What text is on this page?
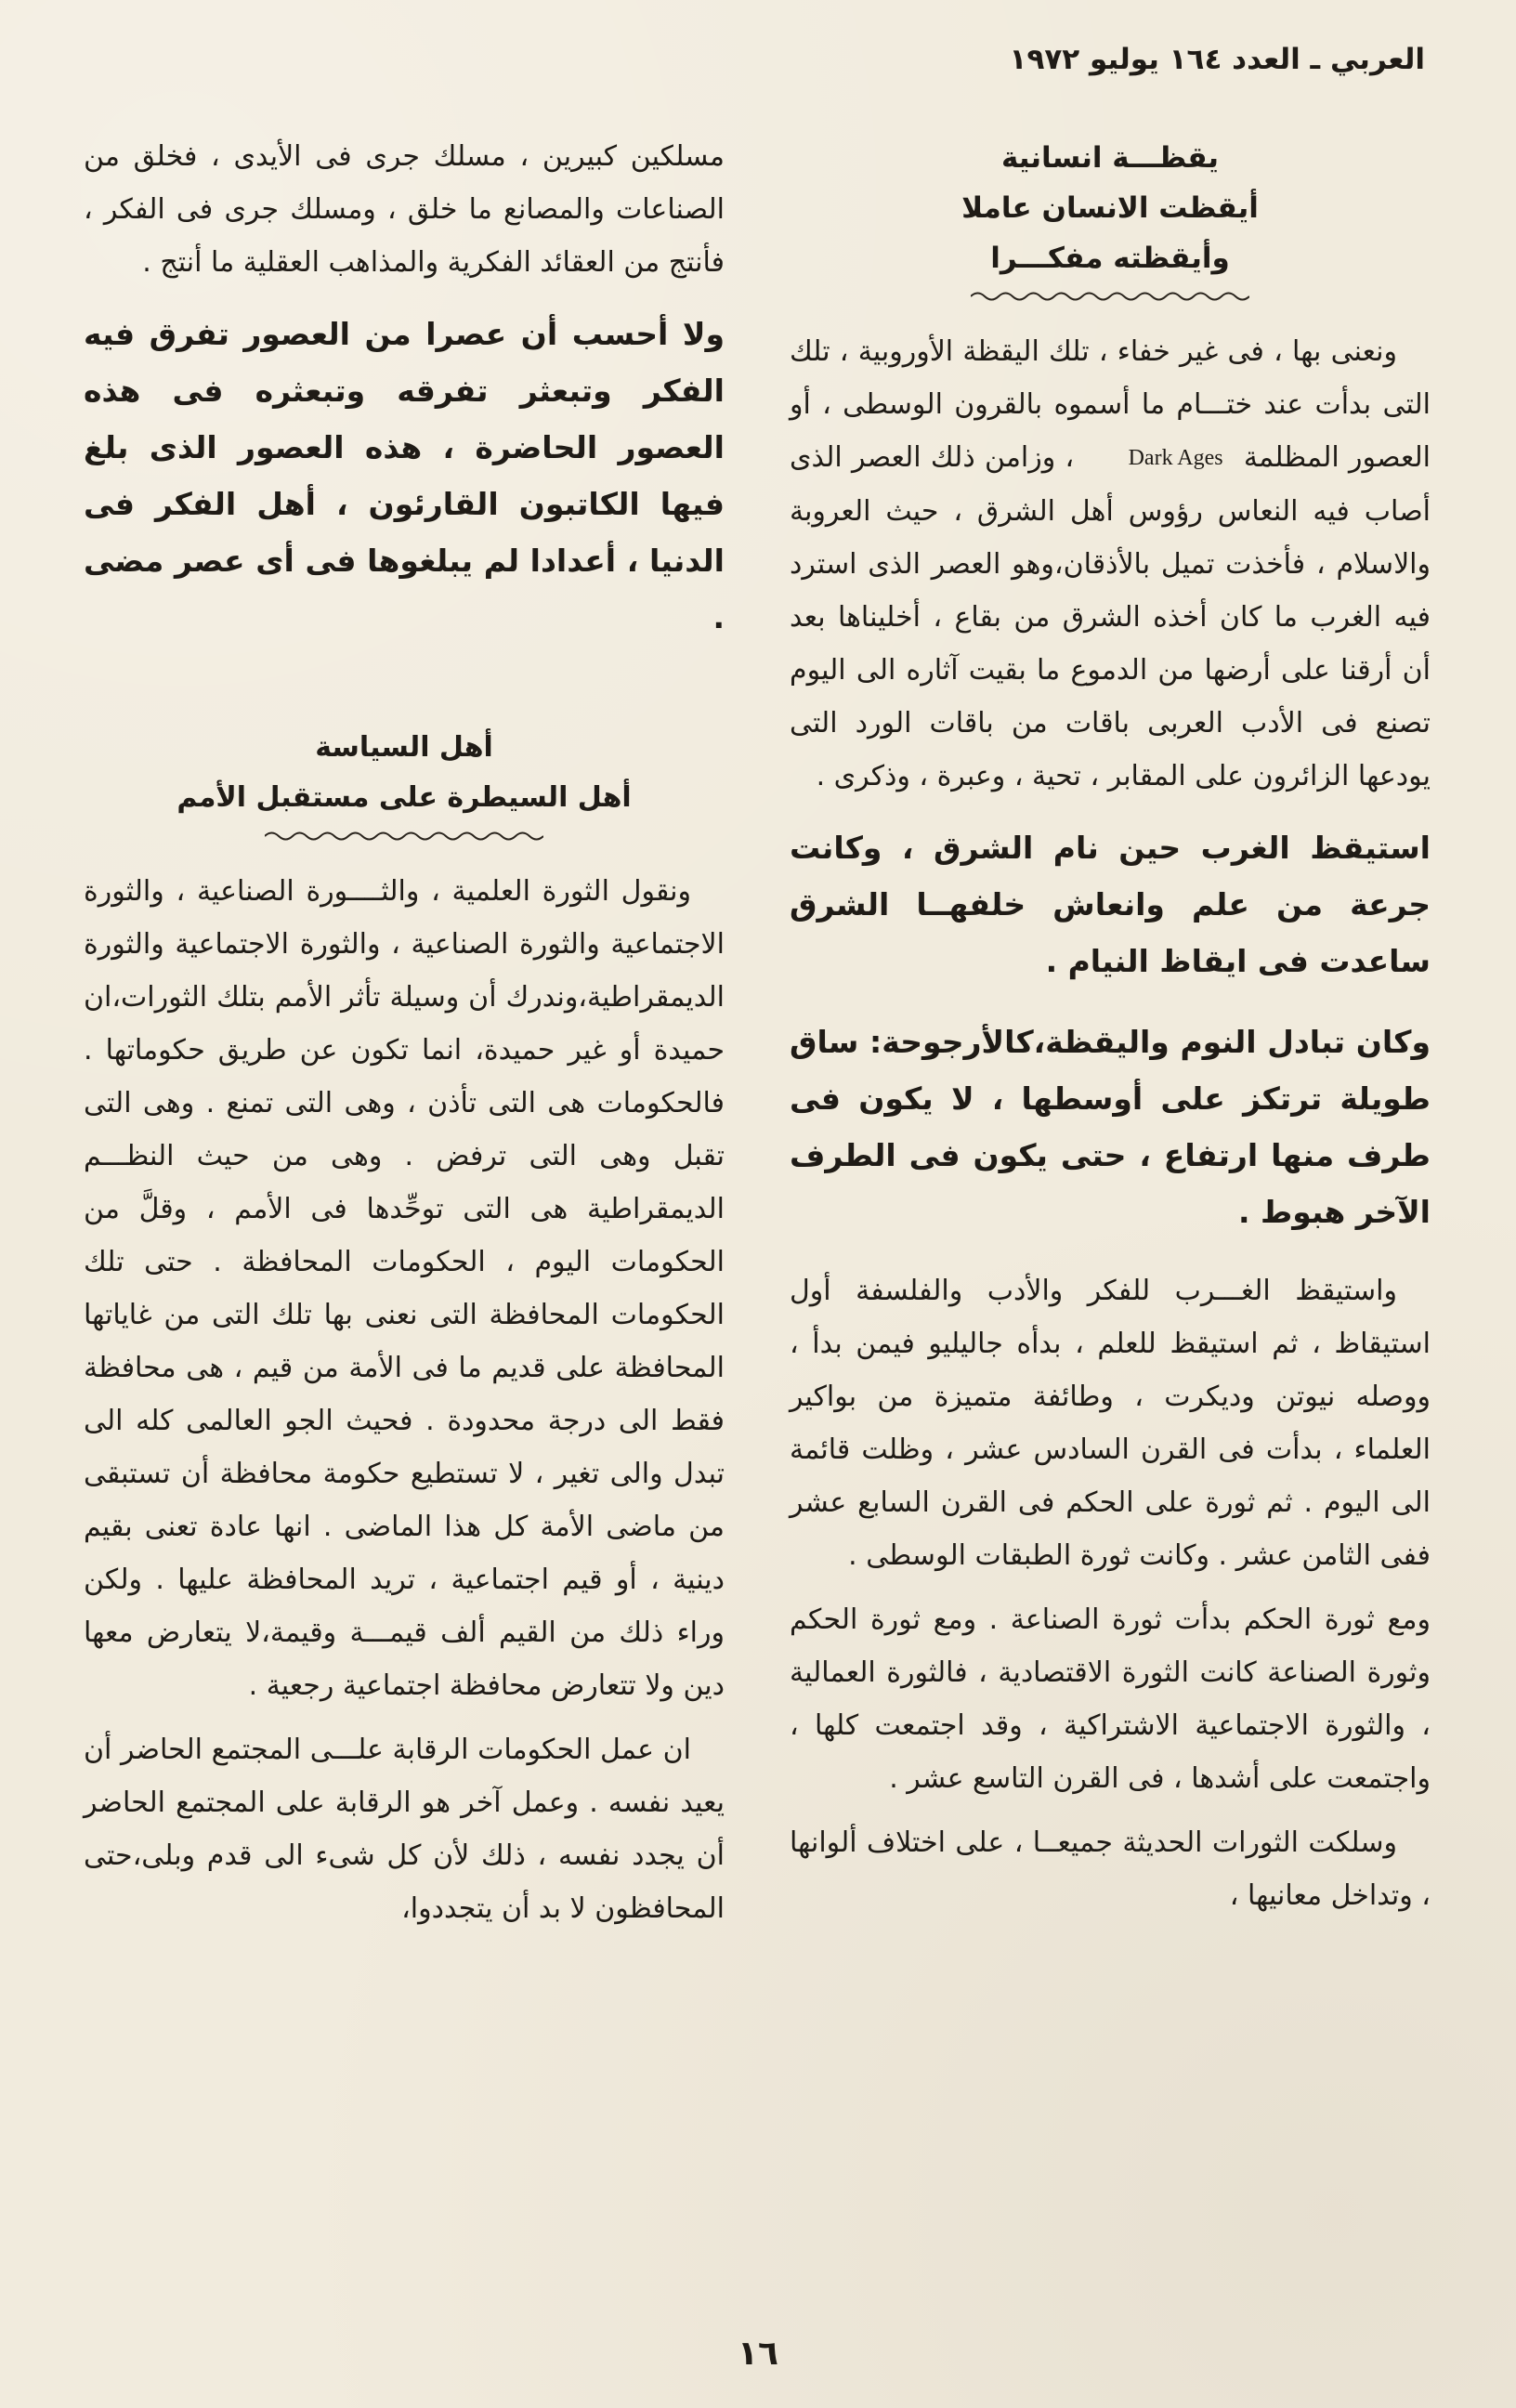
العربي ـ العدد ١٦٤ يوليو ١٩٧٢
يقظـــة انسانية
أيقظت الانسان عاملا
وأيقظته مفكـــرا

ونعنى بها ، فى غير خفاء ، تلك اليقظة الأوروبية ، تلك التى بدأت عند ختـــام ما أسموه بالقرون الوسطى ، أو العصور المظلمة Dark Ages ، وزامن ذلك العصر الذى أصاب فيه النعاس رؤوس أهل الشرق ، حيث العروبة والاسلام ، فأخذت تميل بالأذقان،وهو العصر الذى استرد فيه الغرب ما كان أخذه الشرق من بقاع ، أخليناها بعد أن أرقنا على أرضها من الدموع ما بقيت آثاره الى اليوم تصنع فى الأدب العربى باقات من باقات الورد التى يودعها الزائرون على المقابر ، تحية ، وعبرة ، وذكرى .

استيقظ الغرب حين نام الشرق ، وكانت جرعة من علم وانعاش خلفهــا الشرق ساعدت فى ايقاظ النيام .

وكان تبادل النوم واليقظة،كالأرجوحة: ساق طويلة ترتكز على أوسطها ، لا يكون فى طرف منها ارتفاع ، حتى يكون فى الطرف الآخر هبوط .

واستيقظ الغـــرب للفكر والأدب والفلسفة أول استيقاظ ، ثم استيقظ للعلم ، بدأه جاليليو فيمن بدأ ، ووصله نيوتن وديكرت ، وطائفة متميزة من بواكير العلماء ، بدأت فى القرن السادس عشر ، وظلت قائمة الى اليوم . ثم ثورة على الحكم فى القرن السابع عشر ففى الثامن عشر . وكانت ثورة الطبقات الوسطى .

ومع ثورة الحكم بدأت ثورة الصناعة . ومع ثورة الحكم وثورة الصناعة كانت الثورة الاقتصادية ، فالثورة العمالية ، والثورة الاجتماعية الاشتراكية ، وقد اجتمعت كلها ، واجتمعت على أشدها ، فى القرن التاسع عشر .

وسلكت الثورات الحديثة جميعــا ، على اختلاف ألوانها ، وتداخل معانيها ،

مسلكين كبيرين ، مسلك جرى فى الأيدى ، فخلق من الصناعات والمصانع ما خلق ، ومسلك جرى فى الفكر ، فأنتج من العقائد الفكرية والمذاهب العقلية ما أنتج .

ولا أحسب أن عصرا من العصور تفرق فيه الفكر وتبعثر تفرقه وتبعثره فى هذه العصور الحاضرة ، هذه العصور الذى بلغ فيها الكاتبون القارئون ، أهل الفكر فى الدنيا ، أعدادا لم يبلغوها فى أى عصر مضى .

أهل السياسة
أهل السيطرة على مستقبل الأمم

ونقول الثورة العلمية ، والثــــورة الصناعية ، والثورة الاجتماعية والثورة الصناعية ، والثورة الاجتماعية والثورة الديمقراطية،وندرك أن وسيلة تأثر الأمم بتلك الثورات،ان حميدة أو غير حميدة، انما تكون عن طريق حكوماتها . فالحكومات هى التى تأذن ، وهى التى تمنع . وهى التى تقبل وهى التى ترفض . وهى من حيث النظـــم الديمقراطية هى التى توحِّدها فى الأمم ، وقلَّ من الحكومات اليوم ، الحكومات المحافظة . حتى تلك الحكومات المحافظة التى نعنى بها تلك التى من غاياتها المحافظة على قديم ما فى الأمة من قيم ، هى محافظة فقط الى درجة محدودة . فحيث الجو العالمى كله الى تبدل والى تغير ، لا تستطيع حكومة محافظة أن تستبقى من ماضى الأمة كل هذا الماضى . انها عادة تعنى بقيم دينية ، أو قيم اجتماعية ، تريد المحافظة عليها . ولكن وراء ذلك من القيم ألف قيمـــة وقيمة،لا يتعارض معها دين ولا تتعارض محافظة اجتماعية رجعية .

ان عمل الحكومات الرقابة علـــى المجتمع الحاضر أن يعيد نفسه . وعمل آخر هو الرقابة على المجتمع الحاضر أن يجدد نفسه ، ذلك لأن كل شىء الى قدم وبلى،حتى المحافظون لا بد أن يتجددوا،

١٦
